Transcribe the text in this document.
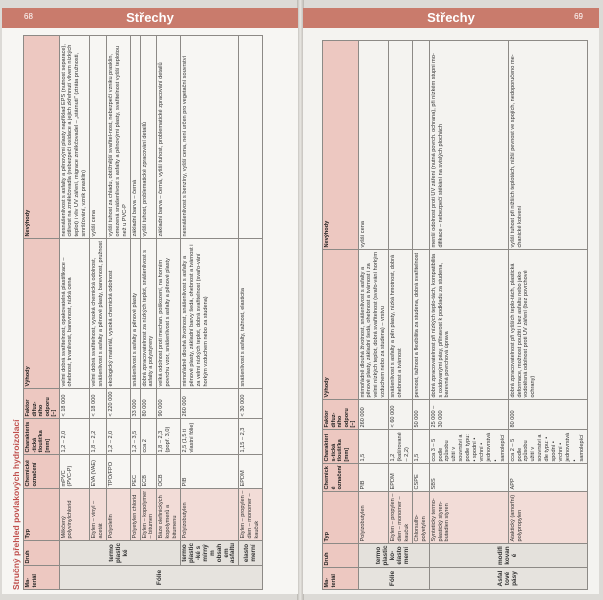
68	Střechy
Stručný přehled povlakových hydroizolací Ma-teriál	Druh	Typ	Chemické označení	Charakteris-tická tloušťka [mm]	Faktor difuz-ního odporu [–]	Výhody	Nevýhody
Fólie	termoplastické	Měkčený polyvinylchlorid	mPVC (PVC-P)	1,2 – 2,0	< 18 000	velmi dobrá svařitelnost, opakovatelná plastifikace – ohebnost, trvanlivost, barevnost, nízká cena	nesnášenlivost s asfalty a pěnovými plasty například EPS (nutnost separace), citlivost na změkčovadla (nebezpečí oxidace a jejich zkřehnutí vlivem nízkých teplot) i vliv UV záření, migrace změkčovadel – „stárnutí" (ztráta pružnosti, smršťování, vznik prasklin)
		Etylen – vinyl – acetát	EVA (VAE)	1,8 – 2,2	< 18 000	velmi dobrá svařitelnost, vysoká chemická odolnost, snášenlivost s asfalty a pěnové plasty, barevnost, pružnost	vyšší cena
		Polyolefin	TPO/FPO	1,2 – 2,0	< 220 000	ekologický materiál, vysoká chemická odolnost	vyšší tuhost za chladu, obtížnější svařitel-nost, nebezpečí vzniku prasklin, omezená snášenlivost s asfalty a pěnovými plasty, svařitelnost vyšší teplotou než u PVC-P
		Polyetylen chlorid	PEC	1,2 – 3,5	33 000	snášenlivost s asfalty a pěnové plasty	základní barva – černá
		Etylen – kopolymer – bitumen	ECB	cca 2	80 000	dobrá zpracovatelnost za nízkých teplot, snášenlivost s asfalty a polystyreny	vyšší tuhost, problematické zpracování detailů
		Báze olefinických kopolymerů a bitumenu	OCB	1,8 – 2,3 (popř. 3,0)	90 000	velká odolnost proti mechan. poškození, na horním povrchu vzor, snášenlivost s asfalty a pěnové plasty	základní barva – černá, vyšší tuhost, problematické zpracování detailů
	termoplastic-ké s mírným obsahem asfaltu	Polyizobutylen	PIB	2,5 (1,5 ti vlastní fólie)	260 000	mimořádně dlouhá životnost, snášenlivost s asfalty a pěnové plasty, základní barvy šedá, ohebnost a tvárnost i za velmi nízkých teplot, dobrá svařitelnost (svařo-vání horkým vzduchem nebo za studena)	nesnášenlivost s benzíny, vyšší cena, není určen pro vegetační souvrství
	elastomerní	Etylen – propylen – dien – monomer – kaučuk	EPDM	1,15 – 2,3	< 30 000	snášenlivost s asfalty, tažnost, elasticita	
Střechy	69
Ma-teriál	Druh	Typ	Chemické označení	Charakteris-tická tloušťka [mm]	Faktor difuz-ního odporu [–]	Výhody	Nevýhody
Fólie	termoplasticko-elastomerní	Polyizobutylen	PIB	1,5	260 000	mimořádně dlouhá životnost, snášenlivost s asfalty a pěnové plasty, základní šedá, ohebnost a tvárnost i za velmi nízkých teplot, dobrá svařitelnost (svařo-vání horkým vzduchem nebo za studena) – vrstvu	vyšší cena
		Etylen – propylen – dien – monomer – kaučuk	EPDM	1,2 (kašírované – 2,2)	< 60 000	snášenlivost s asfalty a pěn plasty, nízká hmotnost, dobrá ohebnost a tvárnost	
		Chlorsulfo-polyetylen	CSPE	1,5	50 000	pevnost, tažnost a flexibilita za studena, dobrá svařitelnost	
Asfaltové pásy	modifikované	Synteticky termo-plastický styren-butadien styren	SBS	cca 3 – 5 podle způsobu užití v souvrství a podle typu: • spodní • vrchní • jednovrstvá • samolepící	25 000 – 30 000	dobrá zpracovatelnost při nízkých teplo-tách, kompatibilita s oxidovanými pásy, přilnavost k podkladu za studena, barevná povrchová úprava	menší odolnost proti UV záření (nutná povrch. ochrana), při nízkém stupni mo-difikace – nebezpečí stékání na svislých plochách
		Ataktický (amorfní) polypropylen	APP	cca 2 – 5 podle způsobu užití v souvrství a dle typu: • spodní • vrchní • jednovrstvá • samolepící	80 000	dobrá zpracovatelnost při vyšších teplo-tách, plastická deformace, možnost použití i bez asfaltu nebo jako vodotěsná odolnost proti UV záření (bez povrchové ochrany)	vyšší tuhost při nižších teplotách, nižší pevnost ve spojích, nedoporučeno me-chanické kotvení
